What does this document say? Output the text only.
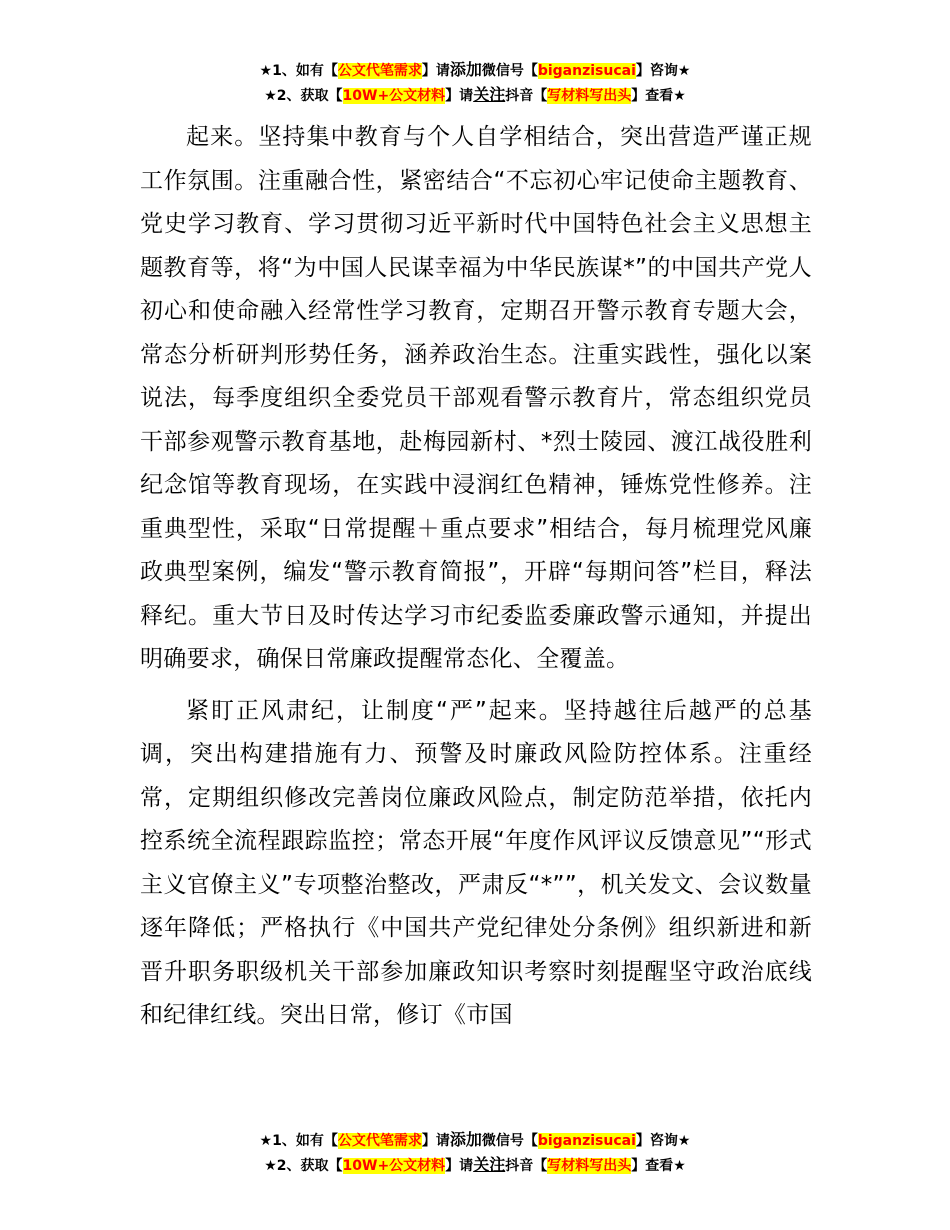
★1、如有【公文代笔需求】请添加微信号【biganzisucai】咨询★
★2、获取【10W+公文材料】请关注抖音【写材料写出头】查看★

起来。坚持集中教育与个人自学相结合，突出营造严谨正规工作氛围。注重融合性，紧密结合“不忘初心牢记使命主题教育、党史学习教育、学习贯彻习近平新时代中国特色社会主义思想主题教育等，将“为中国人民谋幸福为中华民族谋*”的中国共产党人初心和使命融入经常性学习教育，定期召开警示教育专题大会，常态分析研判形势任务，涵养政治生态。注重实践性，强化以案说法，每季度组织全委党员干部观看警示教育片，常态组织党员干部参观警示教育基地，赴梅园新村、*烈士陵园、渡江战役胜利纪念馆等教育现场，在实践中浸润红色精神，锤炼党性修养。注重典型性，采取“日常提醒＋重点要求”相结合，每月梳理党风廉政典型案例，编发“警示教育简报”，开辟“每期问答”栏目，释法释纪。重大节日及时传达学习市纪委监委廉政警示通知，并提出明确要求，确保日常廉政提醒常态化、全覆盖。

紧盯正风肃纪，让制度“严”起来。坚持越往后越严的总基调，突出构建措施有力、预警及时廉政风险防控体系。注重经常，定期组织修改完善岗位廉政风险点，制定防范举措，依托内控系统全流程跟踪监控；常态开展“年度作风评议反馈意见”“形式主义官僚主义”专项整治整改，严肃反“*””，机关发文、会议数量逐年降低；严格执行《中国共产党纪律处分条例》组织新进和新晋升职务职级机关干部参加廉政知识考察时刻提醒坚守政治底线和纪律红线。突出日常，修订《市国

★1、如有【公文代笔需求】请添加微信号【biganzisucai】咨询★
★2、获取【10W+公文材料】请关注抖音【写材料写出头】查看★
